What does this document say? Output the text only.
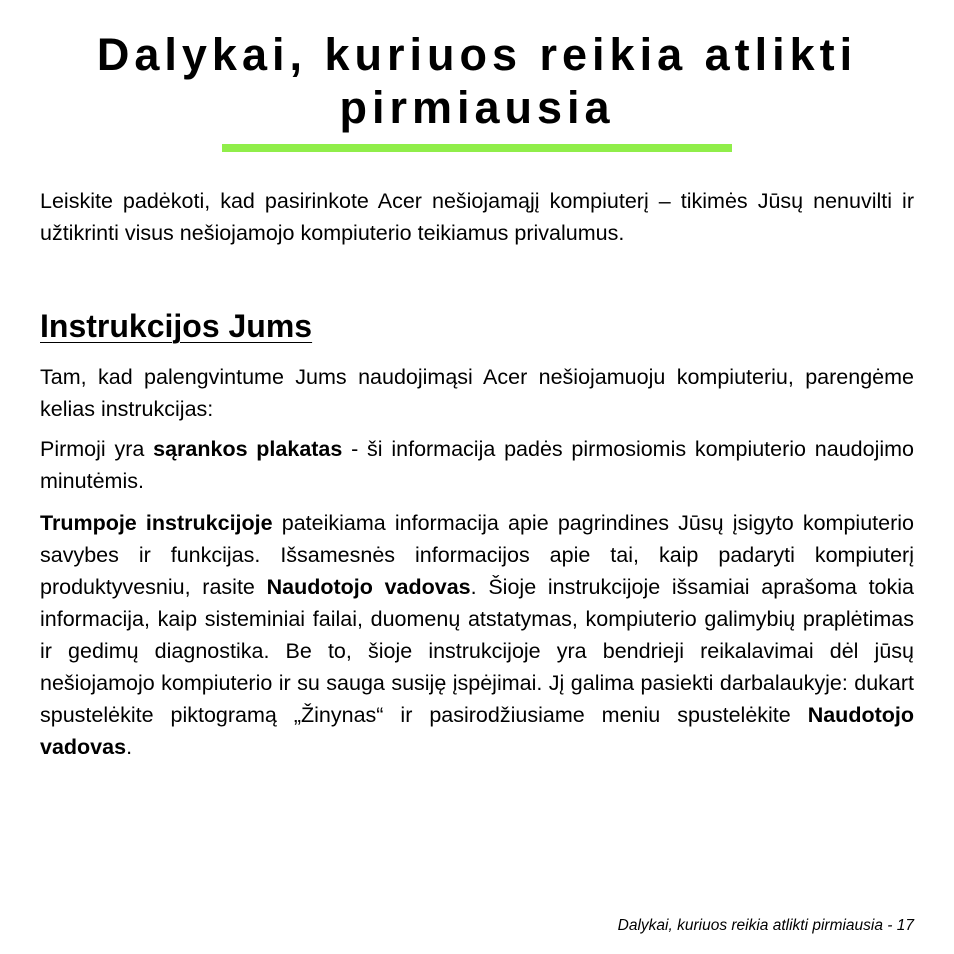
Dalykai, kuriuos reikia atlikti
pirmiausia

Leiskite padėkoti, kad pasirinkote Acer nešiojamąjį kompiuterį – tikimės Jūsų nenuvilti ir užtikrinti visus nešiojamojo kompiuterio teikiamus privalumus.

Instrukcijos Jums

Tam, kad palengvintume Jums naudojimąsi Acer nešiojamuoju kompiuteriu, parengėme kelias instrukcijas:

Pirmoji yra sąrankos plakatas - ši informacija padės pirmosiomis kompiuterio naudojimo minutėmis.

Trumpoje instrukcijoje pateikiama informacija apie pagrindines Jūsų įsigyto kompiuterio savybes ir funkcijas. Išsamesnės informacijos apie tai, kaip padaryti kompiuterį produktyvesniu, rasite Naudotojo vadovas. Šioje instrukcijoje išsamiai aprašoma tokia informacija, kaip sisteminiai failai, duomenų atstatymas, kompiuterio galimybių praplėtimas ir gedimų diagnostika. Be to, šioje instrukcijoje yra bendrieji reikalavimai dėl jūsų nešiojamojo kompiuterio ir su sauga susiję įspėjimai. Jį galima pasiekti darbalaukyje: dukart spustelėkite piktogramą „Žinynas“ ir pasirodžiusiame meniu spustelėkite Naudotojo vadovas.

Dalykai, kuriuos reikia atlikti pirmiausia - 17
